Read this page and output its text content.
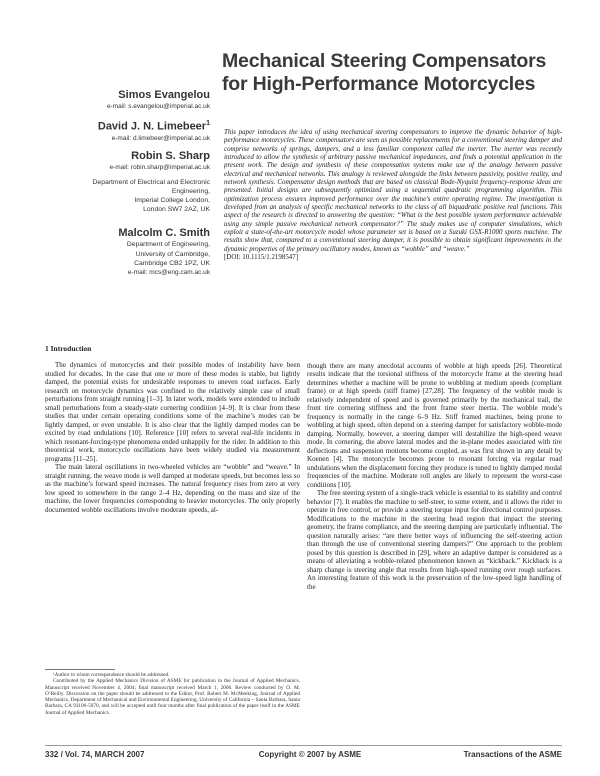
Mechanical Steering Compensators for High-Performance Motorcycles
Simos Evangelou
e-mail: s.evangelou@imperial.ac.uk
David J. N. Limebeer$^1$
e-mail: d.limebeer@imperial.ac.uk
Robin S. Sharp
e-mail: robin.sharp@imperial.ac.uk
Department of Electrical and Electronic
Engineering,
Imperial College London,
London SW7 2AZ, UK
Malcolm C. Smith
Department of Engineering,
University of Cambridge,
Cambridge CB2 1PZ, UK
e-mail: mcs@eng.cam.ac.uk
This paper introduces the idea of using mechanical steering compensators to improve the dynamic behavior of high-performance motorcycles. These compensators are seen as possible replacements for a conventional steering damper and comprise networks of springs, dampers, and a less familiar component called the inerter. The inerter was recently introduced to allow the synthesis of arbitrary passive mechanical impedances, and finds a potential application in the present work. The design and synthesis of these compensation systems make use of the analogy between passive electrical and mechanical networks. This analogy is reviewed alongside the links between passivity, positive reality, and network synthesis. Compensator design methods that are based on classical Bode-Nyquist frequency-response ideas are presented. Initial designs are subsequently optimized using a sequential quadratic programming algorithm. This optimization process ensures improved performance over the machine's entire operating regime. The investigation is developed from an analysis of specific mechanical networks to the class of all biquadratic positive real functions. This aspect of the research is directed to answering the question: “What is the best possible system performance achievable using any simple passive mechanical network compensator?” The study makes use of computer simulations, which exploit a state-of-the-art motorcycle model whose parameter set is based on a Suzuki GSX-R1000 sports machine. The results show that, compared to a conventional steering damper, it is possible to obtain significant improvements in the dynamic properties of the primary oscillatory modes, known as “wobble” and “weave.”
[DOI: 10.1115/1.2198547]
1 Introduction

The dynamics of motorcycles and their possible modes of instability have been studied for decades. In the case that one or more of these modes is stable, but lightly damped, the potential exists for undesirable responses to uneven road surfaces. Early research on motorcycle dynamics was confined to the relatively simple case of small perturbations from straight running [1–3]. In later work, models were extended to include small perturbations from a steady-state cornering condition [4–9]. It is clear from these studies that under certain operating conditions some of the machine’s modes can be lightly damped, or even unstable. It is also clear that the lightly damped modes can be excited by road undulations [10]. Reference [10] refers to several real-life incidents in which resonant-forcing-type phenomena ended unhappily for the rider. In addition to this theoretical work, motorcycle oscillations have been widely studied via measurement programs [11–25].

The main lateral oscillations in two-wheeled vehicles are “wobble” and “weave.” In straight running, the weave mode is well damped at moderate speeds, but becomes less so as the machine’s forward speed increases. The natural frequency rises from zero at very low speed to somewhere in the range 2–4 Hz, depending on the mass and size of the machine, the lower frequencies corresponding to heavier motorcycles. The only properly documented wobble oscillations involve moderate speeds, al-

¹Author to whom correspondence should be addressed.

Contributed by the Applied Mechanics Division of ASME for publication in the Journal of Applied Mechanics. Manuscript received November 4, 2004; final manuscript received March 1, 2006. Review conducted by O. M. O’Reilly. Discussion on the paper should be addressed to the Editor, Prof. Robert M. McMeeking, Journal of Applied Mechanics, Department of Mechanical and Environmental Engineering, University of California – Santa Barbara, Santa Barbara, CA 93106-5070, and will be accepted until four months after final publication of the paper itself in the ASME Journal of Applied Mechanics.

though there are many anecdotal accounts of wobble at high speeds [26]. Theoretical results indicate that the torsional stiffness of the motorcycle frame at the steering head determines whether a machine will be prone to wobbling at medium speeds (compliant frame) or at high speeds (stiff frame) [27,28]. The frequency of the wobble mode is relatively independent of speed and is governed primarily by the mechanical trail, the front tire cornering stiffness and the front frame steer inertia. The wobble mode’s frequency is normally in the range 6–9 Hz. Stiff framed machines, being prone to wobbling at high speed, often depend on a steering damper for satisfactory wobble-mode damping. Normally, however, a steering damper will destabilize the high-speed weave mode. In cornering, the above lateral modes and the in-plane modes associated with tire deflections and suspension motions become coupled, as was first shown in any detail by Koenen [4]. The motorcycle becomes prone to resonant forcing via regular road undulations when the displacement forcing they produce is tuned to lightly damped modal frequencies of the machine. Moderate roll angles are likely to represent the worst-case conditions [10].

The free steering system of a single-track vehicle is essential to its stability and control behavior [7]. It enables the machine to self-steer, to some extent, and it allows the rider to operate in free control, or provide a steering torque input for directional control purposes. Modifications to the machine in the steering head region that impact the steering geometry, the frame compliance, and the steering damping are particularly influential. The question naturally arises: “are there better ways of influencing the self-steering action than through the use of conventional steering dampers?” One approach to the problem posed by this question is described in [29], where an adaptive damper is considered as a means of alleviating a wobble-related phenomenon known as “kickback.” Kickback is a sharp change is steering angle that results from high-speed running over rough surfaces. An interesting feature of this work is the preservation of the low-speed light handling of the

332 / Vol. 74, MARCH 2007	Copyright © 2007 by ASME	Transactions of the ASME
